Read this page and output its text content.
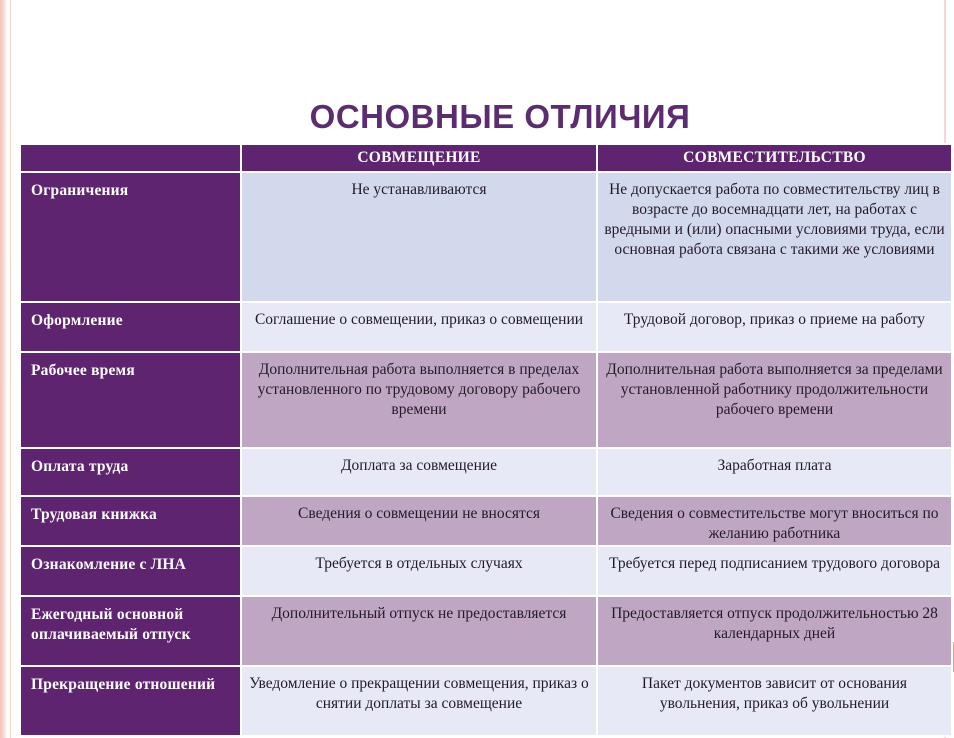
ОСНОВНЫЕ ОТЛИЧИЯ
	СОВМЕЩЕНИЕ	СОВМЕСТИТЕЛЬСТВО
Ограничения	Не устанавливаются	Не допускается работа по совместительству лиц в возрасте до восемнадцати лет, на работах с вредными и (или) опасными условиями труда, если основная работа связана с такими же условиями
Оформление	Соглашение о совмещении, приказ о совмещении	Трудовой договор, приказ о приеме на работу
Рабочее время	Дополнительная работа выполняется в пределах установленного по трудовому договору рабочего времени	Дополнительная работа выполняется за пределами установленной работнику продолжительности рабочего времени
Оплата труда	Доплата за совмещение	Заработная плата
Трудовая книжка	Сведения о совмещении не вносятся	Сведения о совместительстве могут вноситься по желанию работника
Ознакомление с ЛНА	Требуется в отдельных случаях	Требуется перед подписанием трудового договора
Ежегодный основной оплачиваемый отпуск	Дополнительный отпуск не предоставляется	Предоставляется отпуск продолжительностью 28 календарных дней
Прекращение отношений	Уведомление о прекращении совмещения, приказ о снятии доплаты за совмещение	Пакет документов зависит от основания увольнения, приказ об увольнении
